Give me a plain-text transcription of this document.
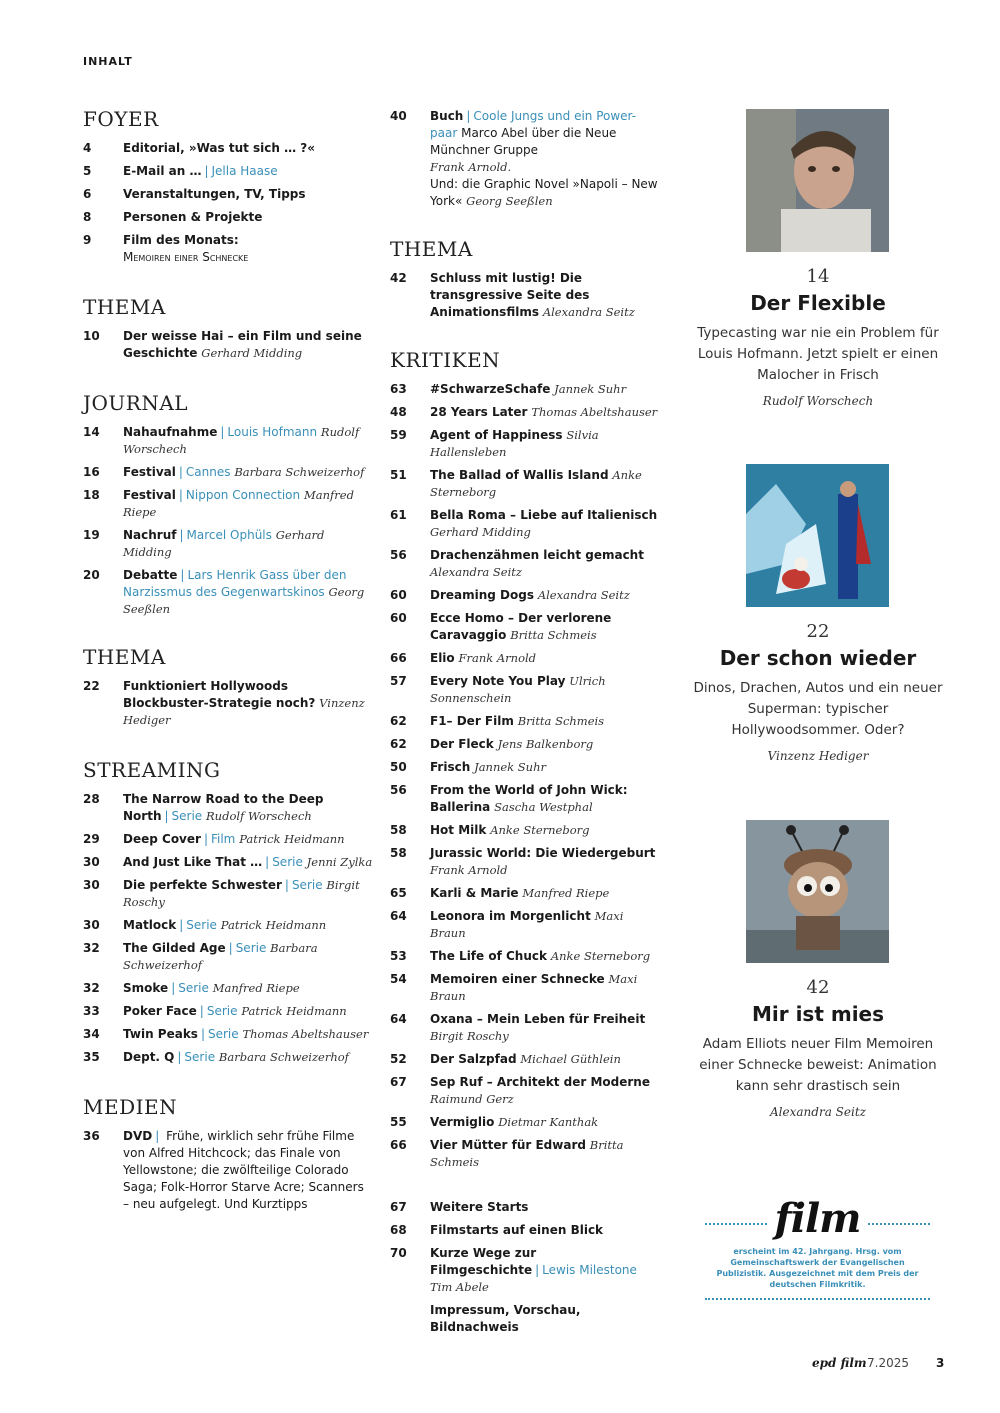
INHALT
FOYER
4	Editorial, »Was tut sich … ?«
5	E-Mail an … | Jella Haase
6	Veranstaltungen, TV, Tipps
8	Personen & Projekte
9	Film des Monats:
Memoiren einer Schnecke
THEMA
10	Der weisse Hai – ein Film und seine Geschichte Gerhard Midding
JOURNAL
14	Nahaufnahme | Louis Hofmann Rudolf Worschech
16	Festival | Cannes Barbara Schweizerhof
18	Festival | Nippon Connection Manfred Riepe
19	Nachruf | Marcel Ophüls Gerhard Midding
20	Debatte | Lars Henrik Gass über den Narzissmus des Gegenwartskinos Georg Seeßlen
THEMA
22	Funktioniert Hollywoods Blockbuster-Strategie noch? Vinzenz Hediger
STREAMING
28	The Narrow Road to the Deep North | Serie Rudolf Worschech
29	Deep Cover | Film Patrick Heidmann
30	And Just Like That … | Serie Jenni Zylka
30	Die perfekte Schwester | Serie Birgit Roschy
30	Matlock | Serie Patrick Heidmann
32	The Gilded Age | Serie Barbara Schweizerhof
32	Smoke | Serie Manfred Riepe
33	Poker Face | Serie Patrick Heidmann
34	Twin Peaks | Serie Thomas Abeltshauser
35	Dept. Q | Serie Barbara Schweizerhof
MEDIEN
36	DVD | Frühe, wirklich sehr frühe Filme von Alfred Hitchcock; das Finale von Yellowstone; die zwölfteilige Colorado Saga; Folk-Horror Starve Acre; Scanners – neu aufgelegt. Und Kurztipps
40	Buch | Coole Jungs und ein Power-paar Marco Abel über die Neue Münchner Gruppe
Frank Arnold.
Und: die Graphic Novel »Napoli – New York« Georg Seeßlen
THEMA
42	Schluss mit lustig! Die transgressive Seite des Animationsfilms Alexandra Seitz
KRITIKEN
63	#SchwarzeSchafe Jannek Suhr
48	28 Years Later Thomas Abeltshauser
59	Agent of Happiness Silvia Hallensleben
51	The Ballad of Wallis Island Anke Sterneborg
61	Bella Roma – Liebe auf Italienisch Gerhard Midding
56	Drachenzähmen leicht gemacht Alexandra Seitz
60	Dreaming Dogs Alexandra Seitz
60	Ecce Homo – Der verlorene Caravaggio Britta Schmeis
66	Elio Frank Arnold
57	Every Note You Play Ulrich Sonnenschein
62	F1– Der Film Britta Schmeis
62	Der Fleck Jens Balkenborg
50	Frisch Jannek Suhr
56	From the World of John Wick: Ballerina Sascha Westphal
58	Hot Milk Anke Sterneborg
58	Jurassic World: Die Wiedergeburt Frank Arnold
65	Karli & Marie Manfred Riepe
64	Leonora im Morgenlicht Maxi Braun
53	The Life of Chuck Anke Sterneborg
54	Memoiren einer Schnecke Maxi Braun
64	Oxana – Mein Leben für Freiheit Birgit Roschy
52	Der Salzpfad Michael Güthlein
67	Sep Ruf – Architekt der Moderne Raimund Gerz
55	Vermiglio Dietmar Kanthak
66	Vier Mütter für Edward Britta Schmeis
67	Weitere Starts
68	Filmstarts auf einen Blick
70	Kurze Wege zur Filmgeschichte | Lewis Milestone Tim Abele
Impressum, Vorschau, Bildnachweis
14
Der Flexible
Typecasting war nie ein Problem für Louis Hofmann. Jetzt spielt er einen Malocher in Frisch
Rudolf Worschech
22
Der schon wieder
Dinos, Drachen, Autos und ein neuer Superman: typischer Hollywoodsommer. Oder?
Vinzenz Hediger
42
Mir ist mies
Adam Elliots neuer Film Memoiren einer Schnecke beweist: Animation kann sehr drastisch sein
Alexandra Seitz
film
erscheint im 42. Jahrgang. Hrsg. vom Gemeinschaftswerk der Evangelischen Publizistik. Ausgezeichnet mit dem Preis der deutschen Filmkritik.
epd film 7.2025 3
